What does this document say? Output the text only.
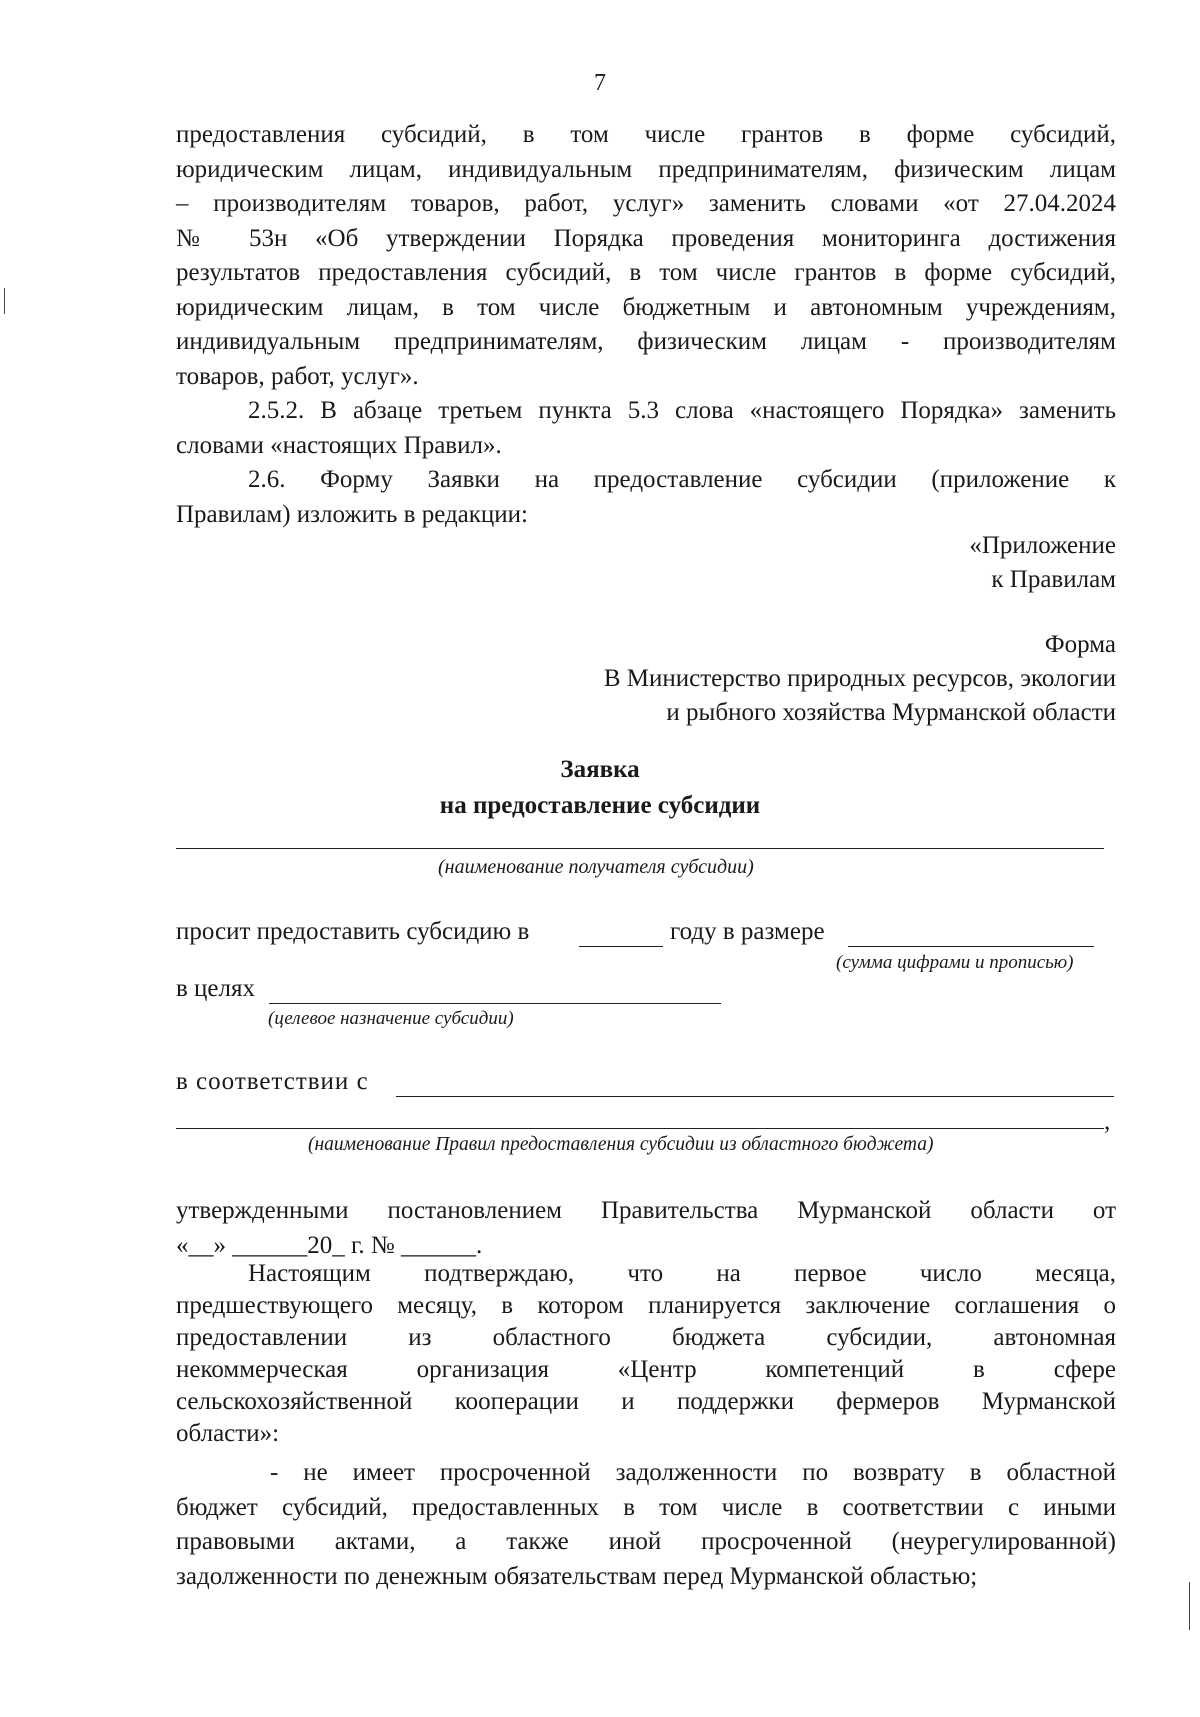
7
предоставления субсидий, в том числе грантов в форме субсидий,
юридическим лицам, индивидуальным предпринимателям, физическим лицам
– производителям товаров, работ, услуг» заменить словами «от 27.04.2024
№ 53н «Об утверждении Порядка проведения мониторинга достижения
результатов предоставления субсидий, в том числе грантов в форме субсидий,
юридическим лицам, в том числе бюджетным и автономным учреждениям,
индивидуальным предпринимателям, физическим лицам - производителям
товаров, работ, услуг».
2.5.2. В абзаце третьем пункта 5.3 слова «настоящего Порядка» заменить
словами «настоящих Правил».
2.6. Форму Заявки на предоставление субсидии (приложение к
Правилам) изложить в редакции:
«Приложение
к Правилам
Форма
В Министерство природных ресурсов, экологии
и рыбного хозяйства Мурманской области
Заявка
на предоставление субсидии
(наименование получателя субсидии)
просит предоставить субсидию в	году в размере
(сумма цифрами и прописью)
в целях
(целевое назначение субсидии)
в соответствии с
,
(наименование Правил предоставления субсидии из областного бюджета)
утвержденными постановлением Правительства Мурманской области от
«__» ______20_ г. № ______.
Настоящим подтверждаю, что на первое число месяца,
предшествующего месяцу, в котором планируется заключение соглашения о
предоставлении из областного бюджета субсидии, автономная
некоммерческая организация «Центр компетенций в сфере
сельскохозяйственной кооперации и поддержки фермеров Мурманской
области»:
- не имеет просроченной задолженности по возврату в областной
бюджет субсидий, предоставленных в том числе в соответствии с иными
правовыми актами, а также иной просроченной (неурегулированной)
задолженности по денежным обязательствам перед Мурманской областью;
